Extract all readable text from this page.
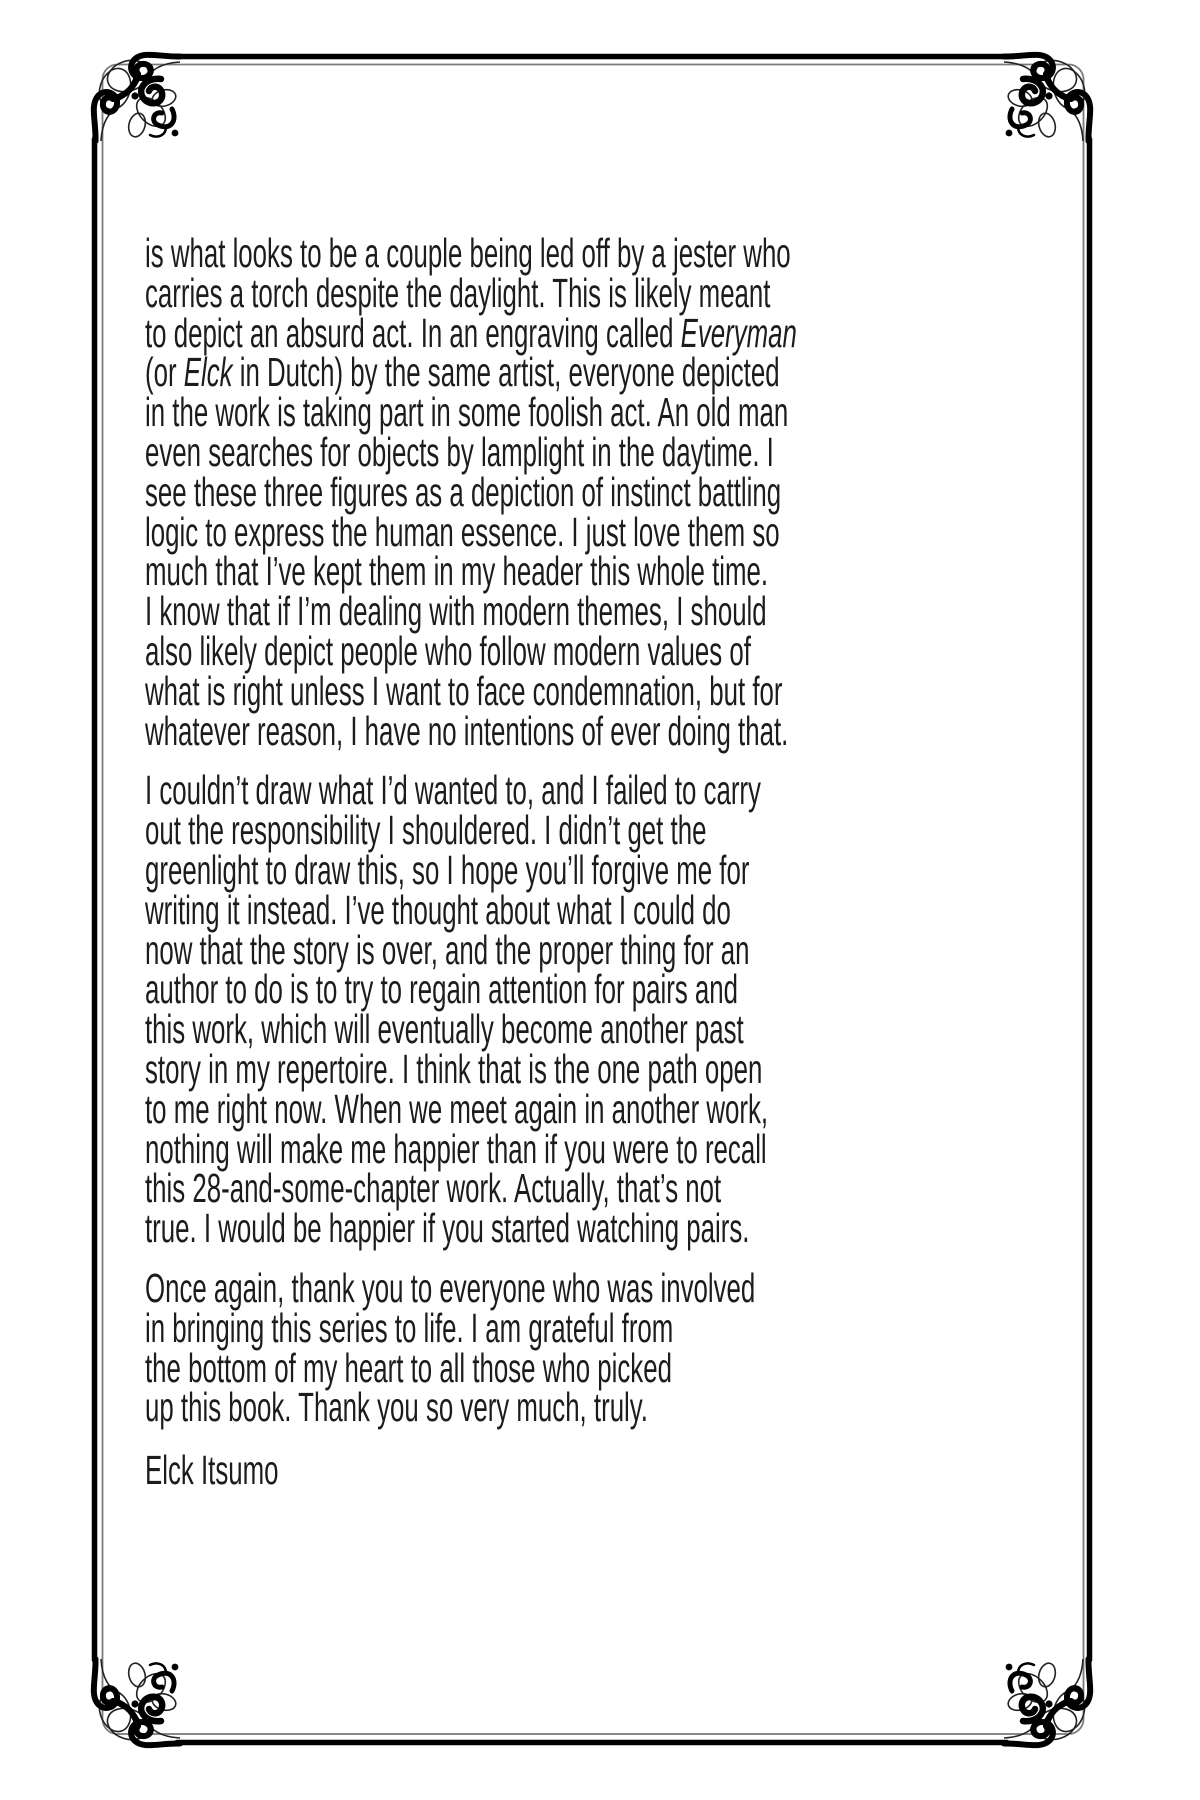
is what looks to be a couple being led off by a jester who
carries a torch despite the daylight. This is likely meant
to depict an absurd act. In an engraving called Everyman
(or Elck in Dutch) by the same artist, everyone depicted
in the work is taking part in some foolish act. An old man
even searches for objects by lamplight in the daytime. I
see these three figures as a depiction of instinct battling
logic to express the human essence. I just love them so
much that I’ve kept them in my header this whole time.
I know that if I’m dealing with modern themes, I should
also likely depict people who follow modern values of
what is right unless I want to face condemnation, but for
whatever reason, I have no intentions of ever doing that.

I couldn’t draw what I’d wanted to, and I failed to carry
out the responsibility I shouldered. I didn’t get the
greenlight to draw this, so I hope you’ll forgive me for
writing it instead. I’ve thought about what I could do
now that the story is over, and the proper thing for an
author to do is to try to regain attention for pairs and
this work, which will eventually become another past
story in my repertoire. I think that is the one path open
to me right now. When we meet again in another work,
nothing will make me happier than if you were to recall
this 28-and-some-chapter work. Actually, that’s not
true. I would be happier if you started watching pairs.

Once again, thank you to everyone who was involved
in bringing this series to life. I am grateful from
the bottom of my heart to all those who picked
up this book. Thank you so very much, truly.

Elck Itsumo
